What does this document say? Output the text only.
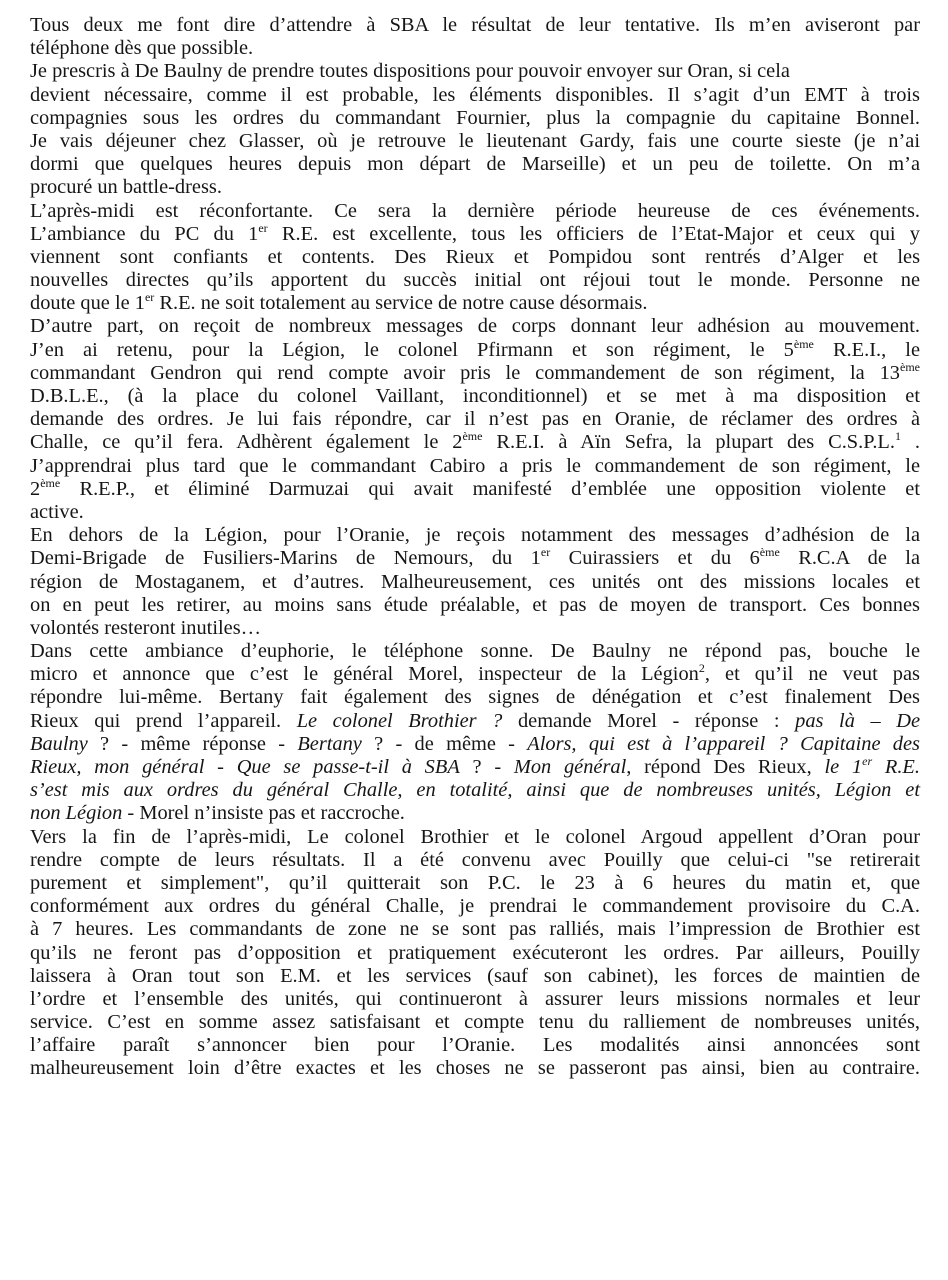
Tous deux me font dire d’attendre à SBA le résultat de leur tentative. Ils m’en aviseront par
téléphone dès que possible.
Je prescris à De Baulny de prendre toutes dispositions pour pouvoir envoyer sur Oran, si cela
devient nécessaire, comme il est probable, les éléments disponibles. Il s’agit d’un EMT à trois
compagnies sous les ordres du commandant Fournier, plus la compagnie du capitaine Bonnel.
Je vais déjeuner chez Glasser, où je retrouve le lieutenant Gardy, fais une courte sieste (je n’ai
dormi que quelques heures depuis mon départ de Marseille) et un peu de toilette. On m’a
procuré un battle-dress.
L’après-midi est réconfortante. Ce sera la dernière période heureuse de ces événements.
L’ambiance du PC du 1er R.E. est excellente, tous les officiers de l’Etat-Major et ceux qui y
viennent sont confiants et contents. Des Rieux et Pompidou sont rentrés d’Alger et les
nouvelles directes qu’ils apportent du succès initial ont réjoui tout le monde. Personne ne
doute que le 1er R.E. ne soit totalement au service de notre cause désormais.
D’autre part, on reçoit de nombreux messages de corps donnant leur adhésion au mouvement.
J’en ai retenu, pour la Légion, le colonel Pfirmann et son régiment, le 5ème R.E.I., le
commandant Gendron qui rend compte avoir pris le commandement de son régiment, la 13ème
D.B.L.E., (à la place du colonel Vaillant, inconditionnel) et se met à ma disposition et
demande des ordres. Je lui fais répondre, car il n’est pas en Oranie, de réclamer des ordres à
Challe, ce qu’il fera. Adhèrent également le 2ème R.E.I. à Aïn Sefra, la plupart des C.S.P.L.$^1$ .
J’apprendrai plus tard que le commandant Cabiro a pris le commandement de son régiment, le
2ème R.E.P., et éliminé Darmuzai qui avait manifesté d’emblée une opposition violente et
active.
En dehors de la Légion, pour l’Oranie, je reçois notamment des messages d’adhésion de la
Demi-Brigade de Fusiliers-Marins de Nemours, du 1er Cuirassiers et du 6ème R.C.A de la
région de Mostaganem, et d’autres. Malheureusement, ces unités ont des missions locales et
on en peut les retirer, au moins sans étude préalable, et pas de moyen de transport. Ces bonnes
volontés resteront inutiles…
Dans cette ambiance d’euphorie, le téléphone sonne. De Baulny ne répond pas, bouche le
micro et annonce que c’est le général Morel, inspecteur de la Légion$^2$, et qu’il ne veut pas
répondre lui-même. Bertany fait également des signes de dénégation et c’est finalement Des
Rieux qui prend l’appareil. Le colonel Brothier ? demande Morel - réponse : pas là – De
Baulny ? - même réponse - Bertany ? - de même - Alors, qui est à l’appareil ? Capitaine des
Rieux, mon général - Que se passe-t-il à SBA ? - Mon général, répond Des Rieux, le 1er R.E.
s’est mis aux ordres du général Challe, en totalité, ainsi que de nombreuses unités, Légion et
non Légion - Morel n’insiste pas et raccroche.
Vers la fin de l’après-midi, Le colonel Brothier et le colonel Argoud appellent d’Oran pour
rendre compte de leurs résultats. Il a été convenu avec Pouilly que celui-ci "se retirerait
purement et simplement", qu’il quitterait son P.C. le 23 à 6 heures du matin et, que
conformément aux ordres du général Challe, je prendrai le commandement provisoire du C.A.
à 7 heures. Les commandants de zone ne se sont pas ralliés, mais l’impression de Brothier est
qu’ils ne feront pas d’opposition et pratiquement exécuteront les ordres. Par ailleurs, Pouilly
laissera à Oran tout son E.M. et les services (sauf son cabinet), les forces de maintien de
l’ordre et l’ensemble des unités, qui continueront à assurer leurs missions normales et leur
service. C’est en somme assez satisfaisant et compte tenu du ralliement de nombreuses unités,
l’affaire paraît s’annoncer bien pour l’Oranie. Les modalités ainsi annoncées sont
malheureusement loin d’être exactes et les choses ne se passeront pas ainsi, bien au contraire.
